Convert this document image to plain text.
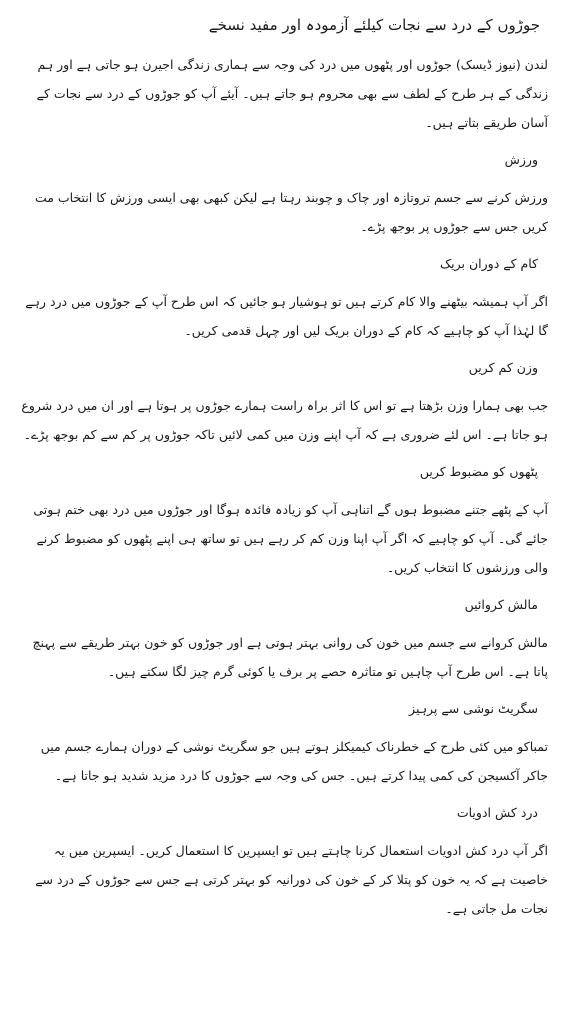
جوڑوں کے درد سے نجات کیلئے آزمودہ اور مفید نسخے

لندن (نیوز ڈیسک) جوڑوں اور پٹھوں میں درد کی وجہ سے ہماری زندگی اجیرن ہو جاتی ہے اور ہم زندگی کے ہر طرح کے لطف سے بھی محروم ہو جاتے ہیں۔ آیئے آپ کو جوڑوں کے درد سے نجات کے آسان طریقے بتاتے ہیں۔

ورزش

ورزش کرنے سے جسم تروتازہ اور چاک و چوبند رہتا ہے لیکن کبھی بھی ایسی ورزش کا انتخاب مت کریں جس سے جوڑوں پر بوجھ پڑے۔

کام کے دوران بریک

اگر آپ ہمیشہ بیٹھنے والا کام کرتے ہیں تو ہوشیار ہو جائیں کہ اس طرح آپ کے جوڑوں میں درد رہے گا لہٰذا آپ کو چاہیے کہ کام کے دوران بریک لیں اور چہل قدمی کریں۔

وزن کم کریں

جب بھی ہمارا وزن بڑھتا ہے تو اس کا اثر براہ راست ہمارے جوڑوں پر ہوتا ہے اور ان میں درد شروع ہو جاتا ہے۔ اس لئے ضروری ہے کہ آپ اپنے وزن میں کمی لائیں تاکہ جوڑوں پر کم سے کم بوجھ پڑے۔

پٹھوں کو مضبوط کریں

آپ کے پٹھے جتنے مضبوط ہوں گے اتناہی آپ کو زیادہ فائدہ ہوگا اور جوڑوں میں درد بھی ختم ہوتی جائے گی۔ آپ کو چاہیے کہ اگر آپ اپنا وزن کم کر رہے ہیں تو ساتھ ہی اپنے پٹھوں کو مضبوط کرنے والی ورزشوں کا انتخاب کریں۔

مالش کروائیں

مالش کروانے سے جسم میں خون کی روانی بہتر ہوتی ہے اور جوڑوں کو خون بہتر طریقے سے پہنچ پاتا ہے۔ اس طرح آپ چاہیں تو متاثرہ حصے پر برف یا کوئی گرم چیز لگا سکتے ہیں۔

سگریٹ نوشی سے پرہیز

تمباکو میں کئی طرح کے خطرناک کیمیکلز ہوتے ہیں جو سگریٹ نوشی کے دوران ہمارے جسم میں جاکر آکسیجن کی کمی پیدا کرتے ہیں۔ جس کی وجہ سے جوڑوں کا درد مزید شدید ہو جاتا ہے۔

درد کش ادویات

اگر آپ درد کش ادویات استعمال کرنا چاہتے ہیں تو ایسپرین کا استعمال کریں۔ ایسپرین میں یہ خاصیت ہے کہ یہ خون کو پتلا کر کے خون کی دورانیہ کو بہتر کرتی ہے جس سے جوڑوں کے درد سے نجات مل جاتی ہے۔
